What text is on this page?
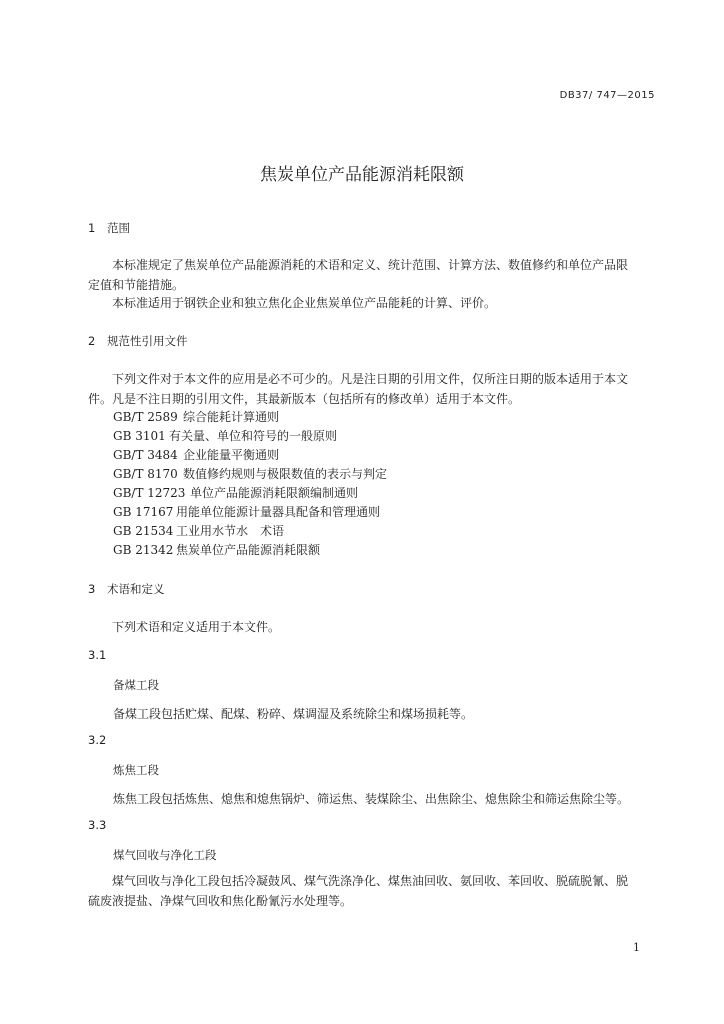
DB37/ 747—2015
焦炭单位产品能源消耗限额
1 范围
本标准规定了焦炭单位产品能源消耗的术语和定义、统计范围、计算方法、数值修约和单位产品限
定值和节能措施。
本标准适用于钢铁企业和独立焦化企业焦炭单位产品能耗的计算、评价。
2 规范性引用文件
下列文件对于本文件的应用是必不可少的。凡是注日期的引用文件，仅所注日期的版本适用于本文
件。凡是不注日期的引用文件，其最新版本（包括所有的修改单）适用于本文件。
GB/T 2589 综合能耗计算通则
GB 3101 有关量、单位和符号的一般原则
GB/T 3484 企业能量平衡通则
GB/T 8170 数值修约规则与极限数值的表示与判定
GB/T 12723 单位产品能源消耗限额编制通则
GB 17167 用能单位能源计量器具配备和管理通则
GB 21534 工业用水节水　术语
GB 21342 焦炭单位产品能源消耗限额
3 术语和定义
下列术语和定义适用于本文件。
3.1
备煤工段
备煤工段包括贮煤、配煤、粉碎、煤调湿及系统除尘和煤场损耗等。
3.2
炼焦工段
炼焦工段包括炼焦、熄焦和熄焦锅炉、筛运焦、装煤除尘、出焦除尘、熄焦除尘和筛运焦除尘等。
3.3
煤气回收与净化工段
煤气回收与净化工段包括冷凝鼓风、煤气洗涤净化、煤焦油回收、氨回收、苯回收、脱硫脱氰、脱
硫废液提盐、净煤气回收和焦化酚氰污水处理等。
1
